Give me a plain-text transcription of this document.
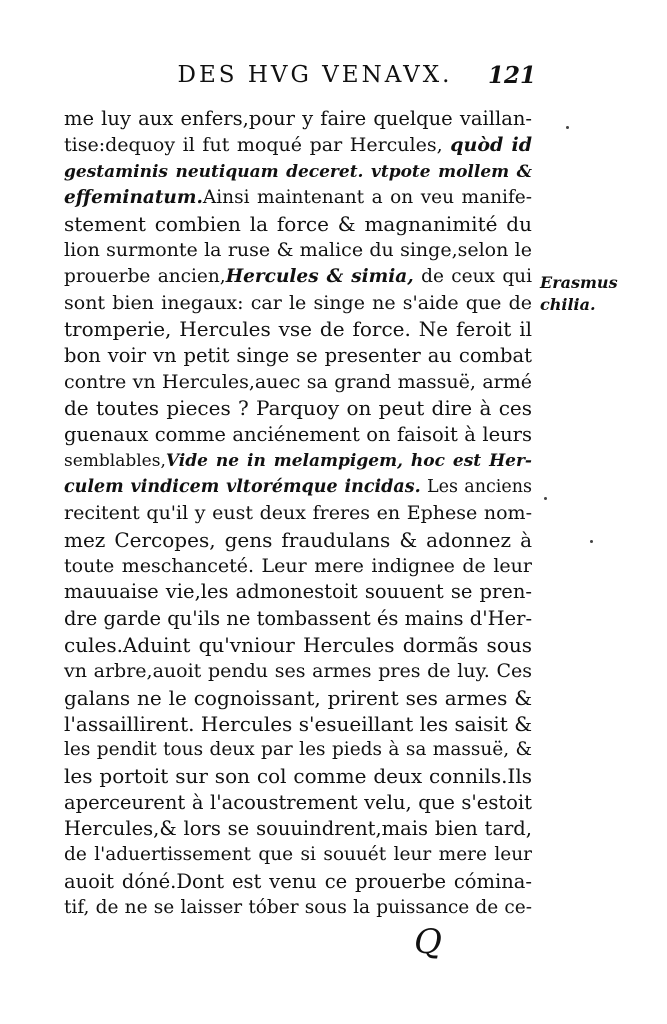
DES HVG VENAVX.	121
me luy aux enfers,pour y faire quelque vaillan-
tise:dequoy il fut moqué par Hercules, quòd id
gestaminis neutiquam deceret. vtpote mollem &
effeminatum.Ainsi maintenant a on veu manife-
stement combien la force & magnanimité du
lion surmonte la ruse & malice du singe,selon le
prouerbe ancien,Hercules & simia, de ceux qui
sont bien inegaux: car le singe ne s'aide que de
tromperie, Hercules vse de force. Ne feroit il
bon voir vn petit singe se presenter au combat
contre vn Hercules,auec sa grand massuë, armé
de toutes pieces ? Parquoy on peut dire à ces
guenaux comme anciénement on faisoit à leurs
semblables,Vide ne in melampigem, hoc est Her-
culem vindicem vltorémque incidas. Les anciens
recitent qu'il y eust deux freres en Ephese nom-
mez Cercopes, gens fraudulans & adonnez à
toute meschanceté. Leur mere indignee de leur
mauuaise vie,les admonestoit souuent se pren-
dre garde qu'ils ne tombassent és mains d'Her-
cules.Aduint qu'vniour Hercules dormãs sous
vn arbre,auoit pendu ses armes pres de luy. Ces
galans ne le cognoissant, prirent ses armes &
l'assaillirent. Hercules s'esueillant les saisit &
les pendit tous deux par les pieds à sa massuë, &
les portoit sur son col comme deux connils.Ils
aperceurent à l'acoustrement velu, que s'estoit
Hercules,& lors se souuindrent,mais bien tard,
de l'aduertissement que si souuét leur mere leur
auoit dóné.Dont est venu ce prouerbe cómina-
tif, de ne se laisser tóber sous la puissance de ce-
Erasmus
chilia.
Q
